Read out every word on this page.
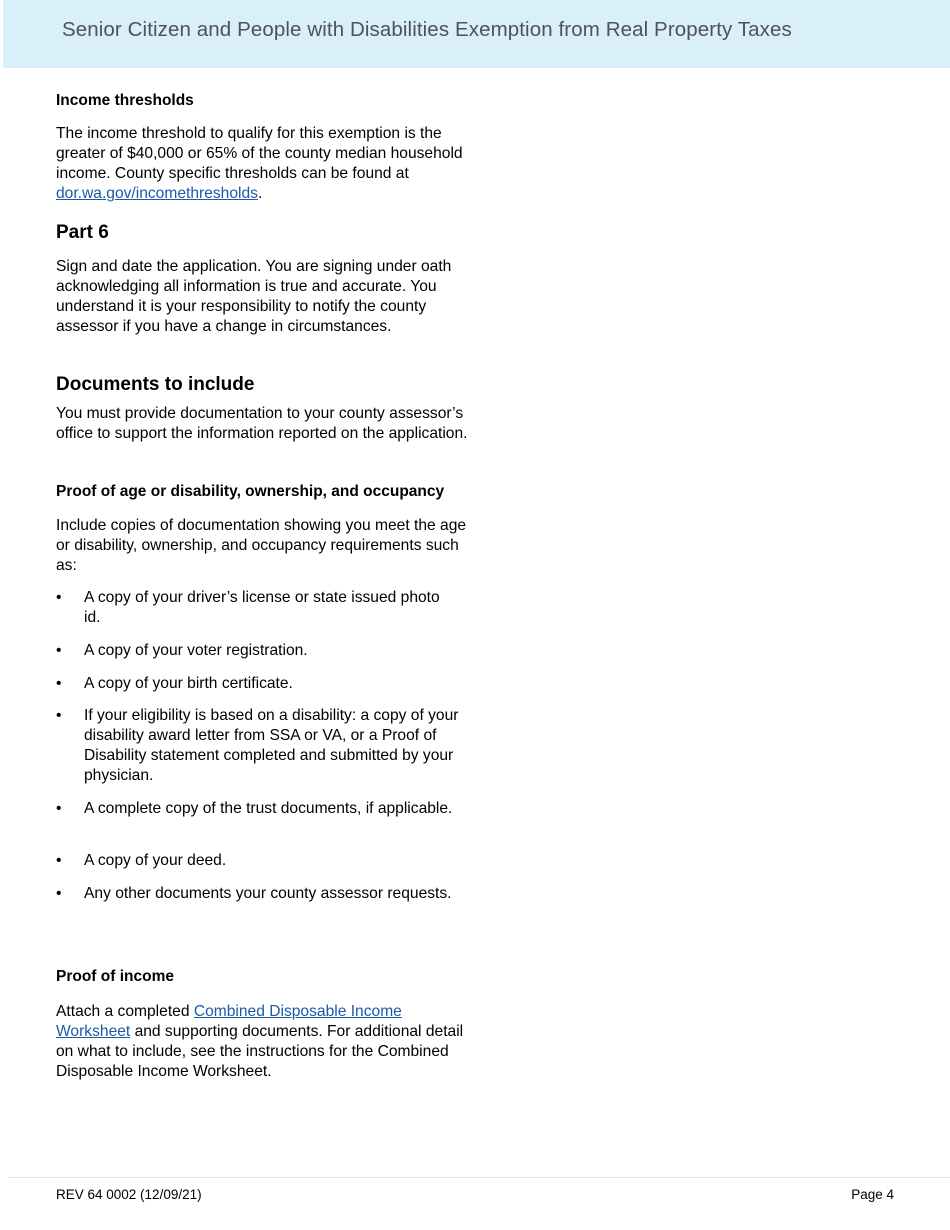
Senior Citizen and People with Disabilities Exemption from Real Property Taxes
Income thresholds

The income threshold to qualify for this exemption is the greater of $40,000 or 65% of the county median household income. County specific thresholds can be found at dor.wa.gov/incomethresholds.

Part 6

Sign and date the application. You are signing under oath acknowledging all information is true and accurate. You understand it is your responsibility to notify the county assessor if you have a change in circumstances.

Documents to include

You must provide documentation to your county assessor’s office to support the information reported on the application.

Proof of age or disability, ownership, and occupancy

Include copies of documentation showing you meet the age or disability, ownership, and occupancy requirements such as:

•	A copy of your driver’s license or state issued photo id.
•	A copy of your voter registration.
•	A copy of your birth certificate.
•	If your eligibility is based on a disability: a copy of your disability award letter from SSA or VA, or a Proof of Disability statement completed and submitted by your physician.
•	A complete copy of the trust documents, if applicable.
•	A copy of your deed.
•	Any other documents your county assessor requests.
Proof of income

Attach a completed Combined Disposable Income Worksheet and supporting documents. For additional detail on what to include, see the instructions for the Combined Disposable Income Worksheet.

REV 64 0002 (12/09/21)	Page 4
